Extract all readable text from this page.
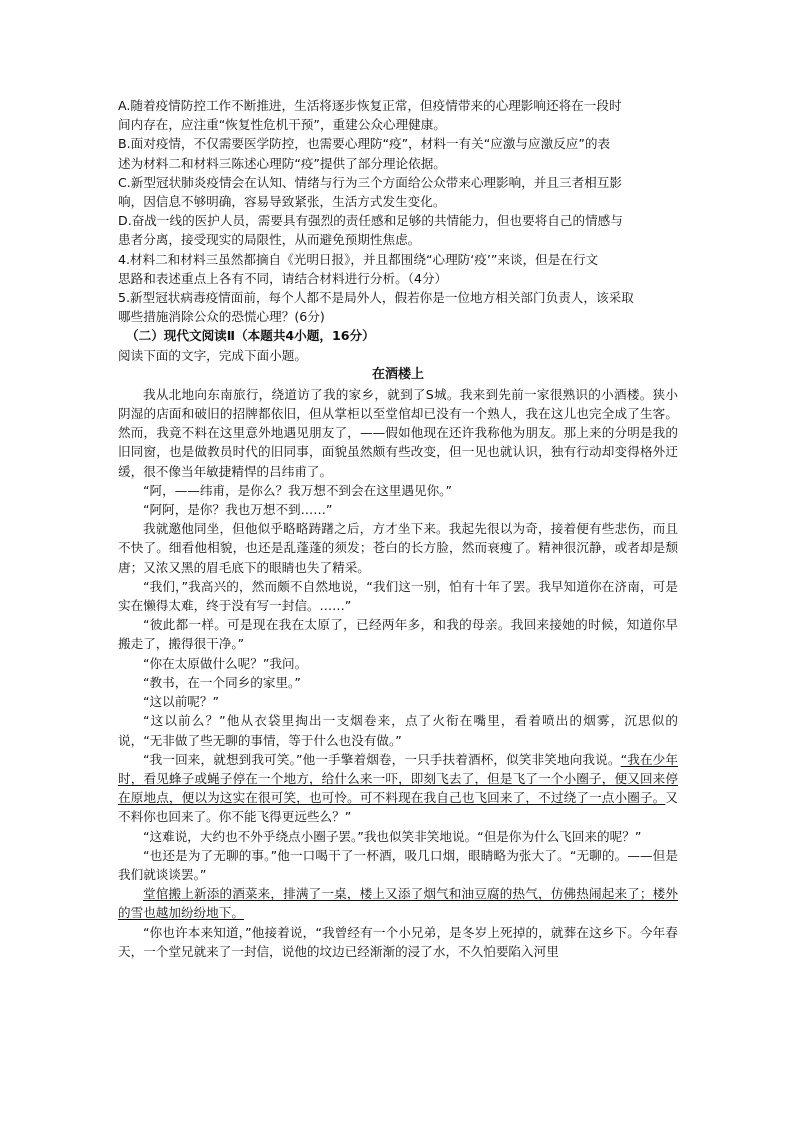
A.随着疫情防控工作不断推进，生活将逐步恢复正常，但疫情带来的心理影响还将在一段时
间内存在，应注重“恢复性危机干预”，重建公众心理健康。

B.面对疫情，不仅需要医学防控，也需要心理防“疫”，材料一有关“应激与应激反应”的表
述为材料二和材料三陈述心理防“疫”提供了部分理论依据。

C.新型冠状肺炎疫情会在认知、情绪与行为三个方面给公众带来心理影响，并且三者相互影
响，因信息不够明确，容易导致紧张，生活方式发生变化。

D.奋战一线的医护人员，需要具有强烈的责任感和足够的共情能力，但也要将自己的情感与
患者分离，接受现实的局限性，从而避免预期性焦虑。

4.材料二和材料三虽然都摘自《光明日报》，并且都围绕“心理防‘疫’”来谈，但是在行文
思路和表述重点上各有不同，请结合材料进行分析。（4分）

5.新型冠状病毒疫情面前，每个人都不是局外人，假若你是一位地方相关部门负责人，该采取
哪些措施消除公众的恐慌心理？(6分)

（二）现代文阅读Ⅱ（本题共4小题，16分）

阅读下面的文字，完成下面小题。

在酒楼上

我从北地向东南旅行，绕道访了我的家乡，就到了S城。我来到先前一家很熟识的小酒楼。狭小阴湿的店面和破旧的招牌都依旧，但从掌柜以至堂倌却已没有一个熟人，我在这儿也完全成了生客。然而，我竟不料在这里意外地遇见朋友了，——假如他现在还许我称他为朋友。那上来的分明是我的旧同窗，也是做教员时代的旧同事，面貌虽然颇有些改变，但一见也就认识，独有行动却变得格外迂缓，很不像当年敏捷精悍的吕纬甫了。

“阿，——纬甫，是你么？我万想不到会在这里遇见你。”

“阿阿，是你？我也万想不到……”

我就邀他同坐，但他似乎略略踌躇之后，方才坐下来。我起先很以为奇，接着便有些悲伤，而且不快了。细看他相貌，也还是乱蓬蓬的须发；苍白的长方脸，然而衰瘦了。精神很沉静，或者却是颓唐；又浓又黑的眉毛底下的眼睛也失了精采。

“我们，”我高兴的，然而颇不自然地说，“我们这一别，怕有十年了罢。我早知道你在济南，可是实在懒得太难，终于没有写一封信。……”

“彼此都一样。可是现在我在太原了，已经两年多，和我的母亲。我回来接她的时候，知道你早搬走了，搬得很干净。”

“你在太原做什么呢？”我问。

“教书，在一个同乡的家里。”

“这以前呢？”

“这以前么？”他从衣袋里掏出一支烟卷来，点了火衔在嘴里，看着喷出的烟雾，沉思似的说，“无非做了些无聊的事情，等于什么也没有做。”

“我一回来，就想到我可笑。”他一手擎着烟卷，一只手扶着酒杯，似笑非笑地向我说。“我在少年时，看见蜂子或蝇子停在一个地方，给什么来一吓，即刻飞去了，但是飞了一个小圈子，便又回来停在原地点，便以为这实在很可笑，也可怜。可不料现在我自己也飞回来了，不过绕了一点小圈子。又不料你也回来了。你不能飞得更远些么？”

“这难说，大约也不外乎绕点小圈子罢。”我也似笑非笑地说。“但是你为什么飞回来的呢？”

“也还是为了无聊的事。”他一口喝干了一杯酒，吸几口烟，眼睛略为张大了。“无聊的。——但是我们就谈谈罢。”

堂倌搬上新添的酒菜来，排满了一桌，楼上又添了烟气和油豆腐的热气，仿佛热闹起来了；楼外的雪也越加纷纷地下。

“你也许本来知道，”他接着说，“我曾经有一个小兄弟，是冬岁上死掉的，就葬在这乡下。今年春天，一个堂兄就来了一封信，说他的坟边已经渐渐的浸了水，不久怕要陷入河里
